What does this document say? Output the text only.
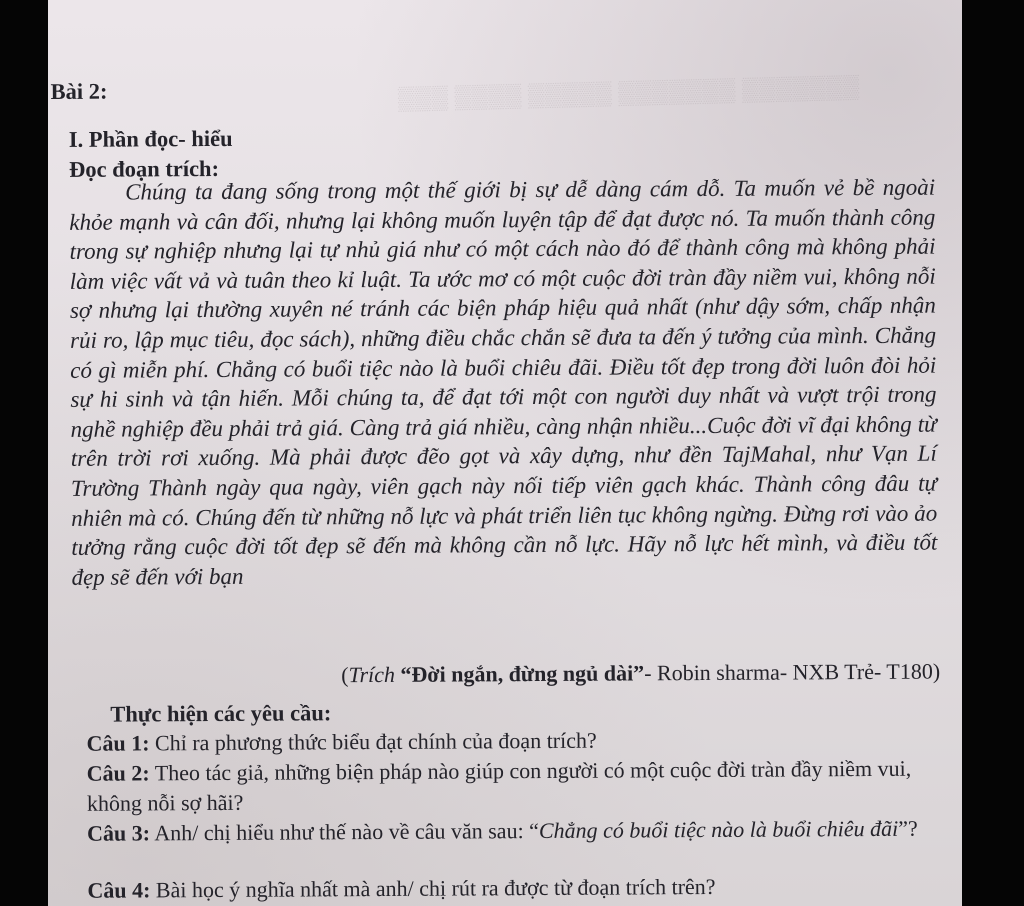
▒▒▒ ▒▒▒▒ ▒▒▒▒▒ ▒▒▒▒▒▒▒ ▒▒▒▒▒▒▒
Bài 2:
I. Phần đọc- hiểu
Đọc đoạn trích:

Chúng ta đang sống trong một thế giới bị sự dễ dàng cám dỗ. Ta muốn vẻ bề ngoài khỏe mạnh và cân đối, nhưng lại không muốn luyện tập để đạt được nó. Ta muốn thành công trong sự nghiệp nhưng lại tự nhủ giá như có một cách nào đó để thành công mà không phải làm việc vất vả và tuân theo kỉ luật. Ta ước mơ có một cuộc đời tràn đầy niềm vui, không nỗi sợ nhưng lại thường xuyên né tránh các biện pháp hiệu quả nhất (như dậy sớm, chấp nhận rủi ro, lập mục tiêu, đọc sách), những điều chắc chắn sẽ đưa ta đến ý tưởng của mình. Chẳng có gì miễn phí. Chẳng có buổi tiệc nào là buổi chiêu đãi. Điều tốt đẹp trong đời luôn đòi hỏi sự hi sinh và tận hiến. Mỗi chúng ta, để đạt tới một con người duy nhất và vượt trội trong nghề nghiệp đều phải trả giá. Càng trả giá nhiều, càng nhận nhiều...Cuộc đời vĩ đại không từ trên trời rơi xuống. Mà phải được đẽo gọt và xây dựng, như đền TajMahal, như Vạn Lí Trường Thành ngày qua ngày, viên gạch này nối tiếp viên gạch khác. Thành công đâu tự nhiên mà có. Chúng đến từ những nỗ lực và phát triển liên tục không ngừng. Đừng rơi vào ảo tưởng rằng cuộc đời tốt đẹp sẽ đến mà không cần nỗ lực. Hãy nỗ lực hết mình, và điều tốt đẹp sẽ đến với bạn

(Trích “Đời ngắn, đừng ngủ dài”- Robin sharma- NXB Trẻ- T180)
Thực hiện các yêu cầu:

Câu 1: Chỉ ra phương thức biểu đạt chính của đoạn trích?

Câu 2: Theo tác giả, những biện pháp nào giúp con người có một cuộc đời tràn đầy niềm vui, không nỗi sợ hãi?

Câu 3: Anh/ chị hiểu như thế nào về câu văn sau: “Chẳng có buổi tiệc nào là buổi chiêu đãi”?

Câu 4: Bài học ý nghĩa nhất mà anh/ chị rút ra được từ đoạn trích trên?
